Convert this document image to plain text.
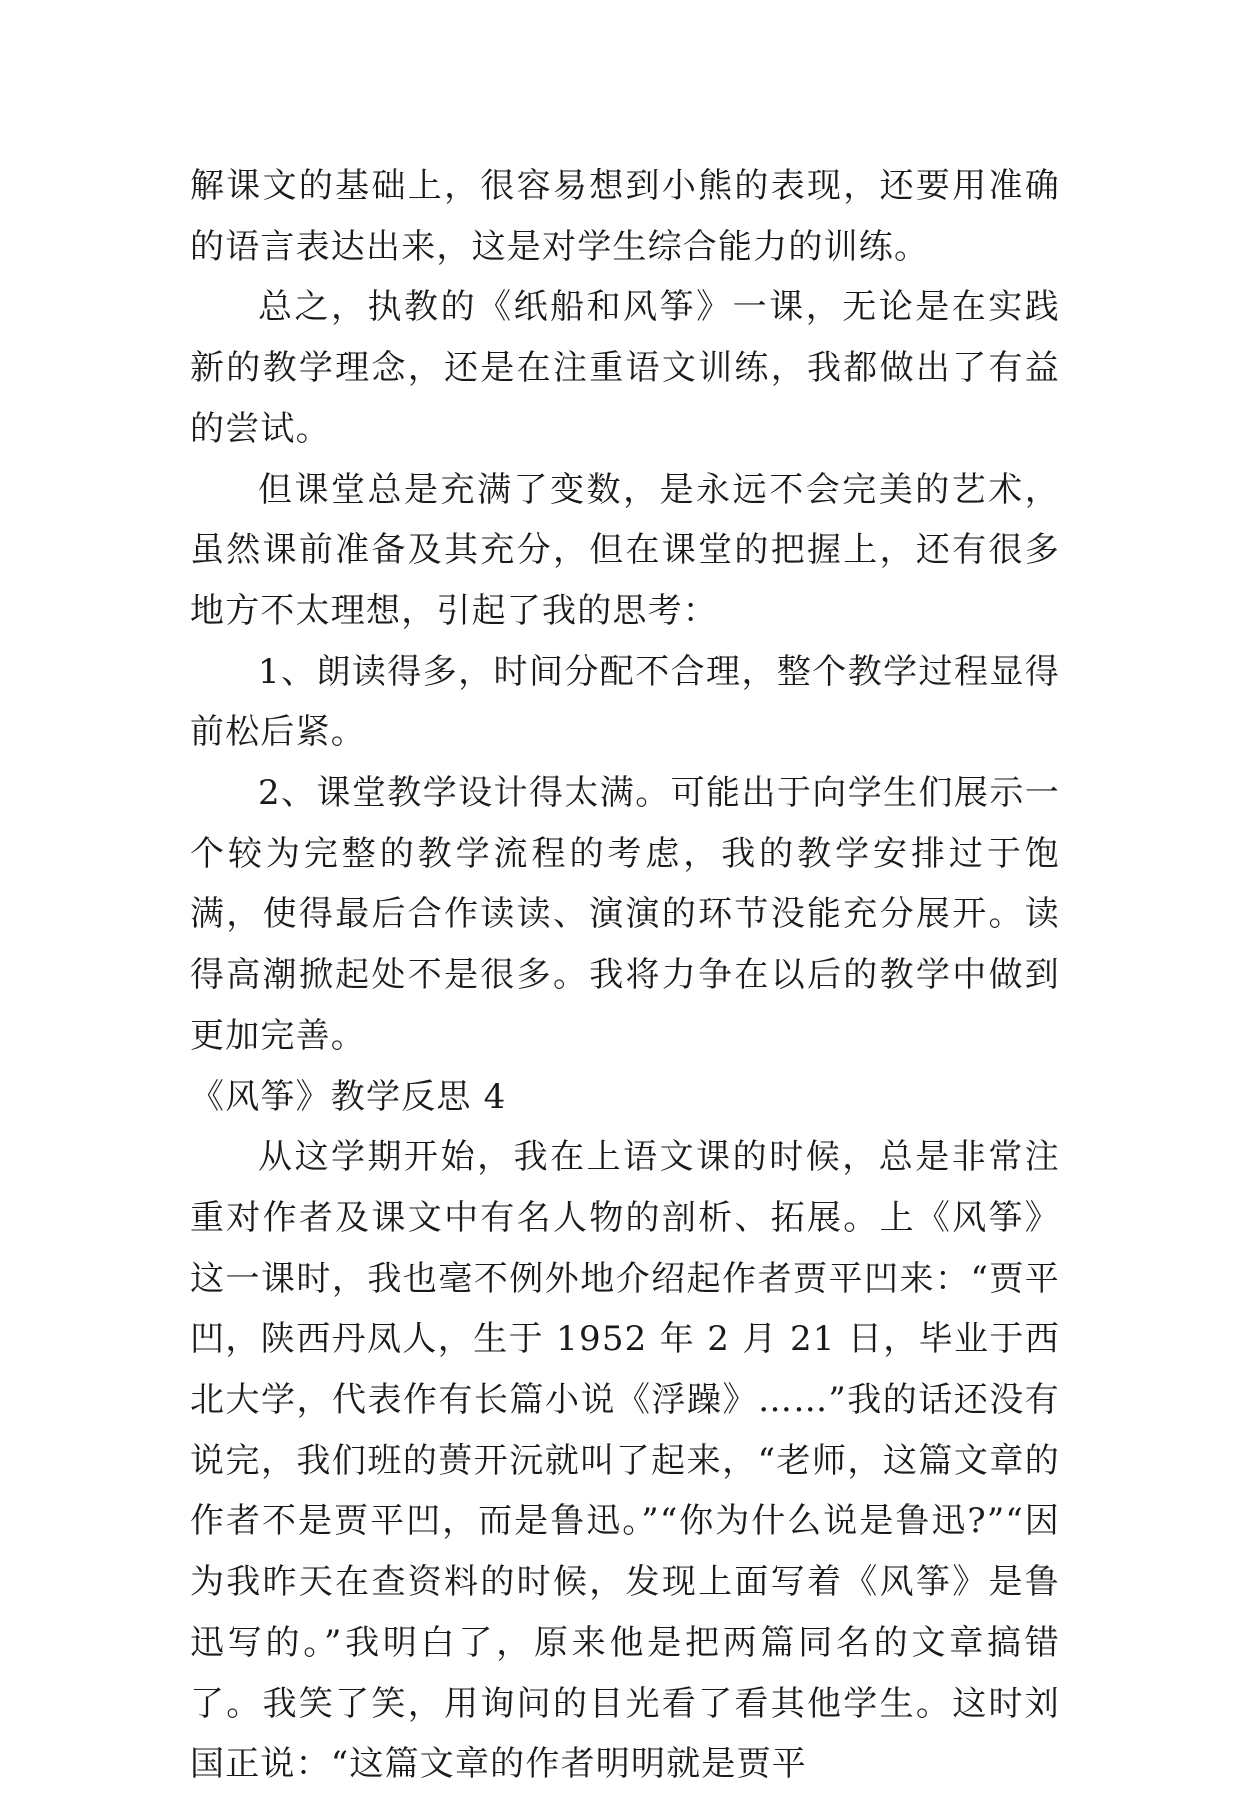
解课文的基础上，很容易想到小熊的表现，还要用准确的语言表达出来，这是对学生综合能力的训练。

总之，执教的《纸船和风筝》一课，无论是在实践新的教学理念，还是在注重语文训练，我都做出了有益的尝试。

但课堂总是充满了变数，是永远不会完美的艺术，虽然课前准备及其充分，但在课堂的把握上，还有很多地方不太理想，引起了我的思考：

1、朗读得多，时间分配不合理，整个教学过程显得前松后紧。

2、课堂教学设计得太满。可能出于向学生们展示一个较为完整的教学流程的考虑，我的教学安排过于饱满，使得最后合作读读、演演的环节没能充分展开。读得高潮掀起处不是很多。我将力争在以后的教学中做到更加完善。

《风筝》教学反思 4

从这学期开始，我在上语文课的时候，总是非常注重对作者及课文中有名人物的剖析、拓展。上《风筝》这一课时，我也毫不例外地介绍起作者贾平凹来：“贾平凹，陕西丹凤人，生于 1952 年 2 月 21 日，毕业于西北大学，代表作有长篇小说《浮躁》……”我的话还没有说完，我们班的蒉开沅就叫了起来，“老师，这篇文章的作者不是贾平凹，而是鲁迅。”“你为什么说是鲁迅?”“因为我昨天在查资料的时候，发现上面写着《风筝》是鲁迅写的。”我明白了，原来他是把两篇同名的文章搞错了。我笑了笑，用询问的目光看了看其他学生。这时刘国正说：“这篇文章的作者明明就是贾平
